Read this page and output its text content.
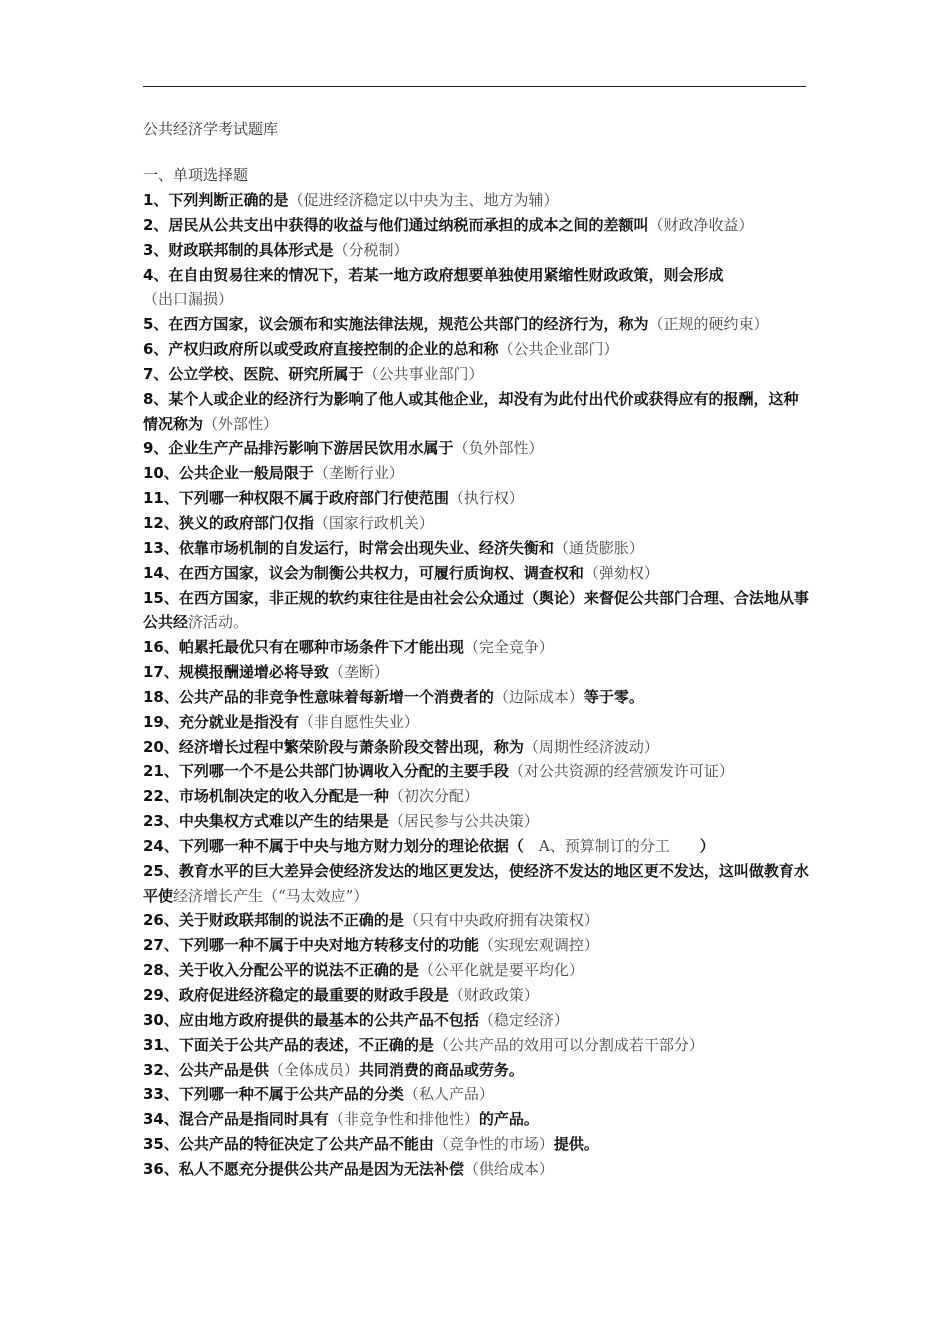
公共经济学考试题库
一、单项选择题
1、下列判断正确的是（促进经济稳定以中央为主、地方为辅）
2、居民从公共支出中获得的收益与他们通过纳税而承担的成本之间的差额叫（财政净收益）
3、财政联邦制的具体形式是（分税制）
4、在自由贸易往来的情况下，若某一地方政府想要单独使用紧缩性财政政策，则会形成（出口漏损）
5、在西方国家，议会颁布和实施法律法规，规范公共部门的经济行为，称为（正规的硬约束）
6、产权归政府所以或受政府直接控制的企业的总和称（公共企业部门）
7、公立学校、医院、研究所属于（公共事业部门）
8、某个人或企业的经济行为影响了他人或其他企业，却没有为此付出代价或获得应有的报酬，这种情况称为（外部性）
9、企业生产产品排污影响下游居民饮用水属于（负外部性）
10、公共企业一般局限于（垄断行业）
11、下列哪一种权限不属于政府部门行使范围（执行权）
12、狭义的政府部门仅指（国家行政机关）
13、依靠市场机制的自发运行，时常会出现失业、经济失衡和（通货膨胀）
14、在西方国家，议会为制衡公共权力，可履行质询权、调查权和（弹劾权）
15、在西方国家，非正规的软约束往往是由社会公众通过（舆论）来督促公共部门合理、合法地从事公共经济活动。
16、帕累托最优只有在哪种市场条件下才能出现（完全竞争）
17、规模报酬递增必将导致（垄断）
18、公共产品的非竞争性意味着每新增一个消费者的（边际成本）等于零。
19、充分就业是指没有（非自愿性失业）
20、经济增长过程中繁荣阶段与萧条阶段交替出现，称为（周期性经济波动）
21、下列哪一个不是公共部门协调收入分配的主要手段（对公共资源的经营颁发许可证）
22、市场机制决定的收入分配是一种（初次分配）
23、中央集权方式难以产生的结果是（居民参与公共决策）
24、下列哪一种不属于中央与地方财力划分的理论依据（　A、预算制订的分工　　）
25、教育水平的巨大差异会使经济发达的地区更发达，使经济不发达的地区更不发达，这叫做教育水平使经济增长产生（“马太效应”）
26、关于财政联邦制的说法不正确的是（只有中央政府拥有决策权）
27、下列哪一种不属于中央对地方转移支付的功能（实现宏观调控）
28、关于收入分配公平的说法不正确的是（公平化就是要平均化）
29、政府促进经济稳定的最重要的财政手段是（财政政策）
30、应由地方政府提供的最基本的公共产品不包括（稳定经济）
31、下面关于公共产品的表述，不正确的是（公共产品的效用可以分割成若干部分）
32、公共产品是供（全体成员）共同消费的商品或劳务。
33、下列哪一种不属于公共产品的分类（私人产品）
34、混合产品是指同时具有（非竞争性和排他性）的产品。
35、公共产品的特征决定了公共产品不能由（竞争性的市场）提供。
36、私人不愿充分提供公共产品是因为无法补偿（供给成本）
